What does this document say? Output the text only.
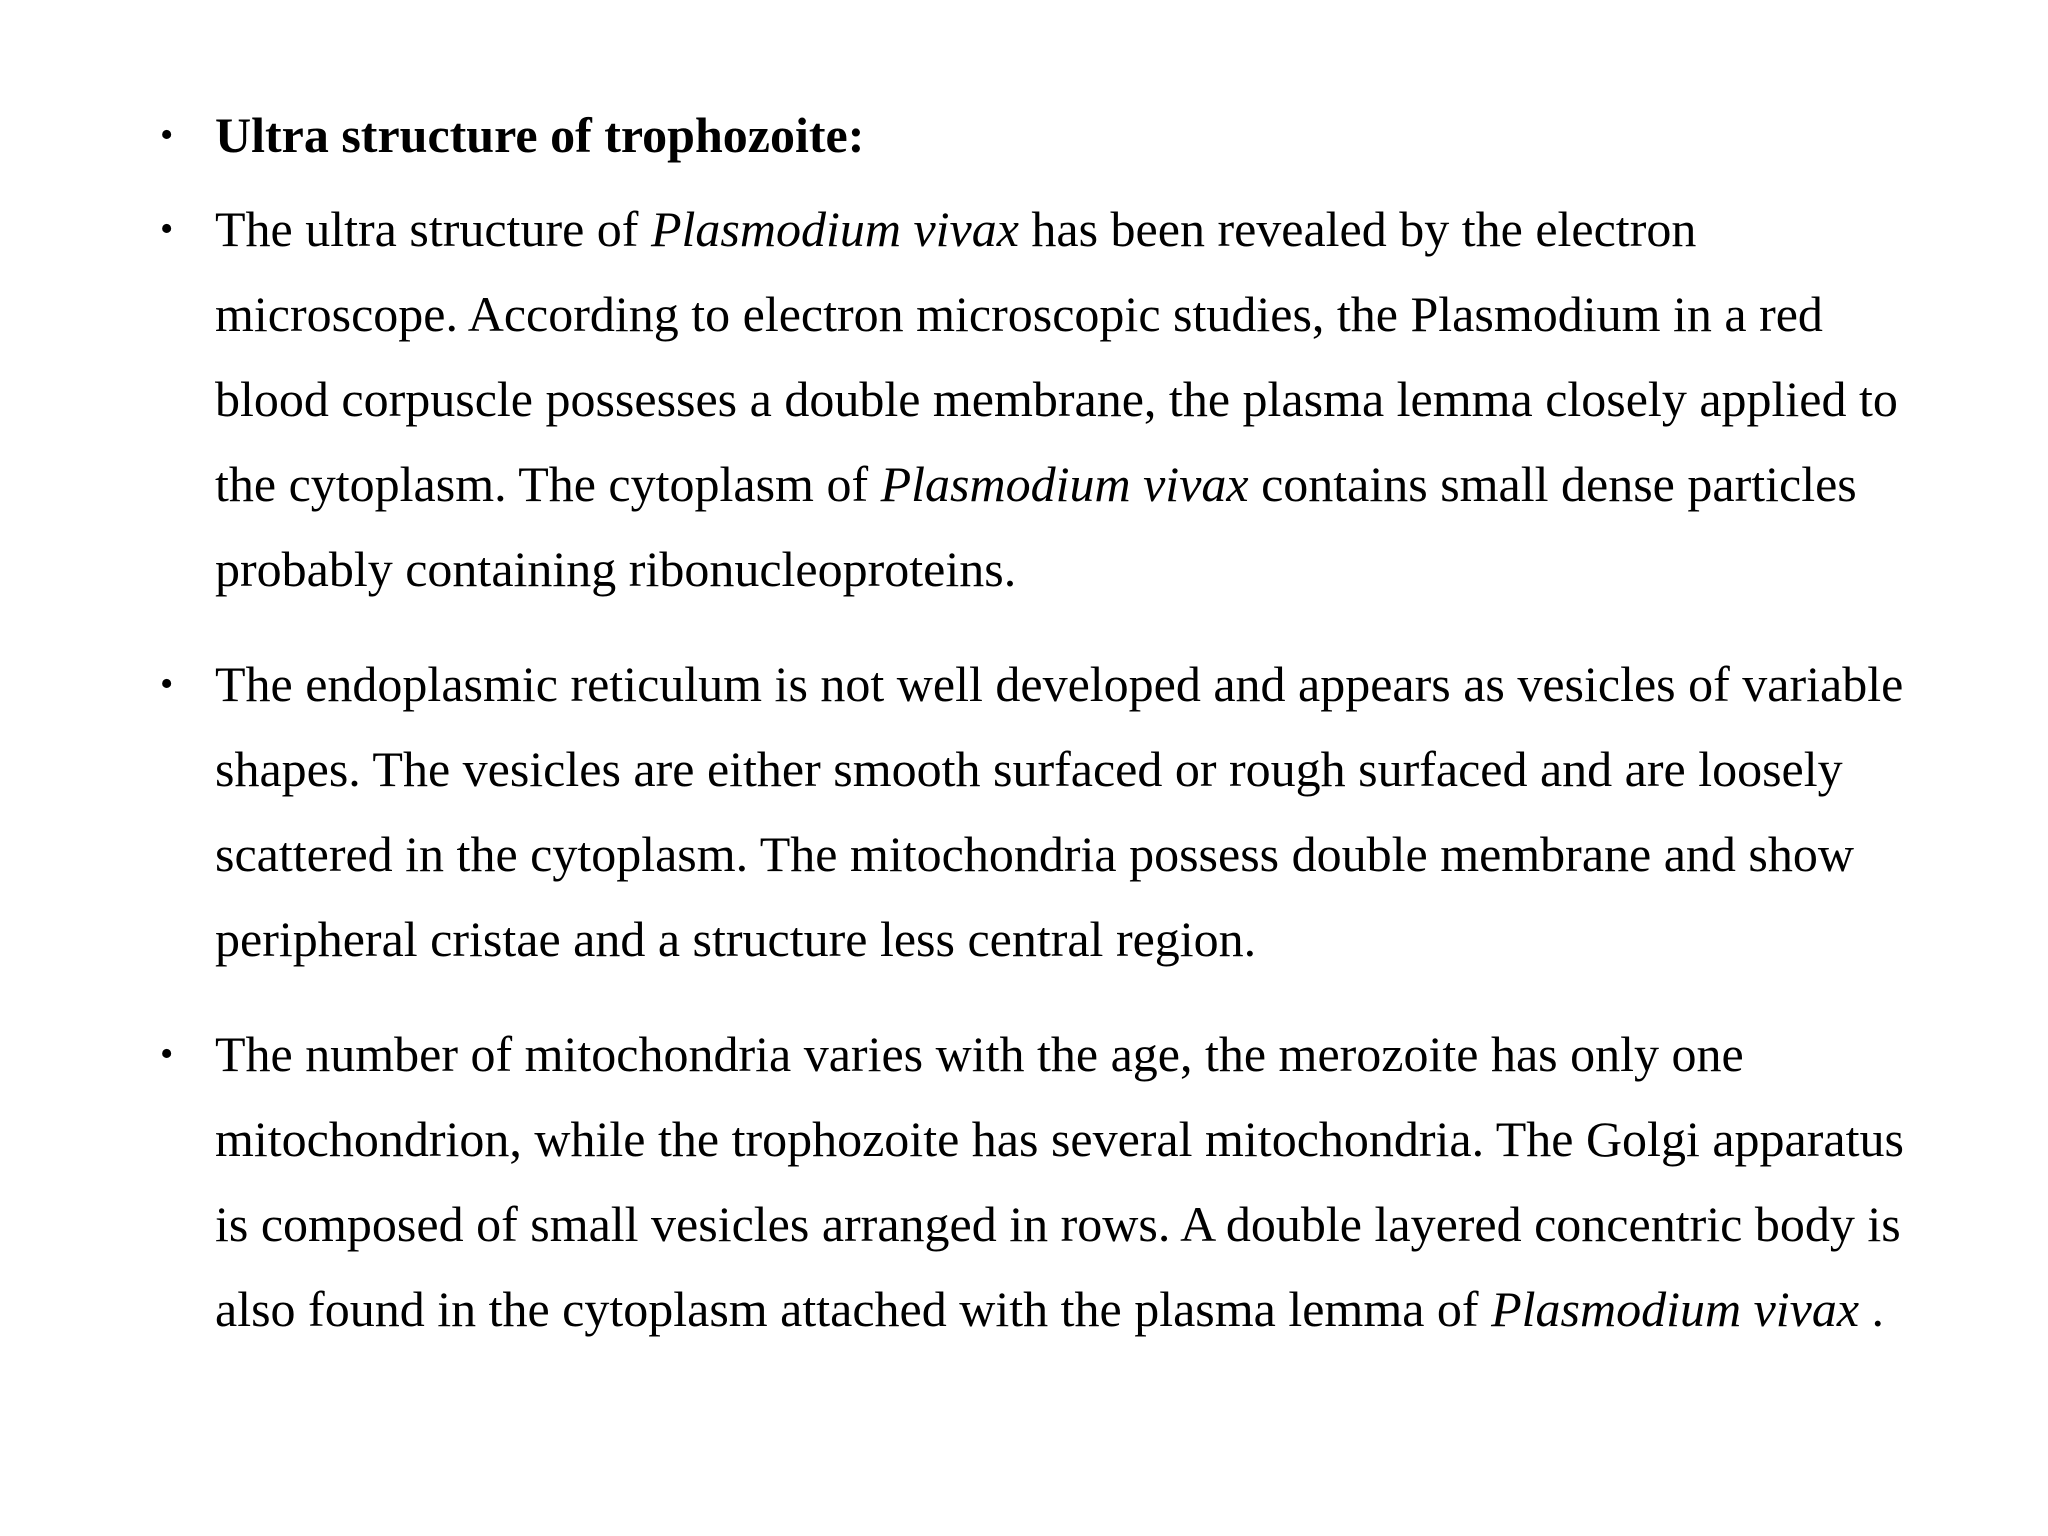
• Ultra structure of trophozoite:
• The ultra structure of Plasmodium vivax has been revealed by the electron microscope. According to electron microscopic studies, the Plasmodium in a red blood corpuscle possesses a double membrane, the plasma lemma closely applied to the cytoplasm. The cytoplasm of Plasmodium vivax contains small dense particles probably containing ribonucleoproteins.
• The endoplasmic reticulum is not well developed and appears as vesicles of variable shapes. The vesicles are either smooth surfaced or rough surfaced and are loosely scattered in the cytoplasm. The mitochondria possess double membrane and show peripheral cristae and a structure less central region.
• The number of mitochondria varies with the age, the merozoite has only one mitochondrion, while the trophozoite has several mitochondria. The Golgi apparatus is composed of small vesicles arranged in rows. A double layered concentric body is also found in the cytoplasm attached with the plasma lemma of Plasmodium vivax .
